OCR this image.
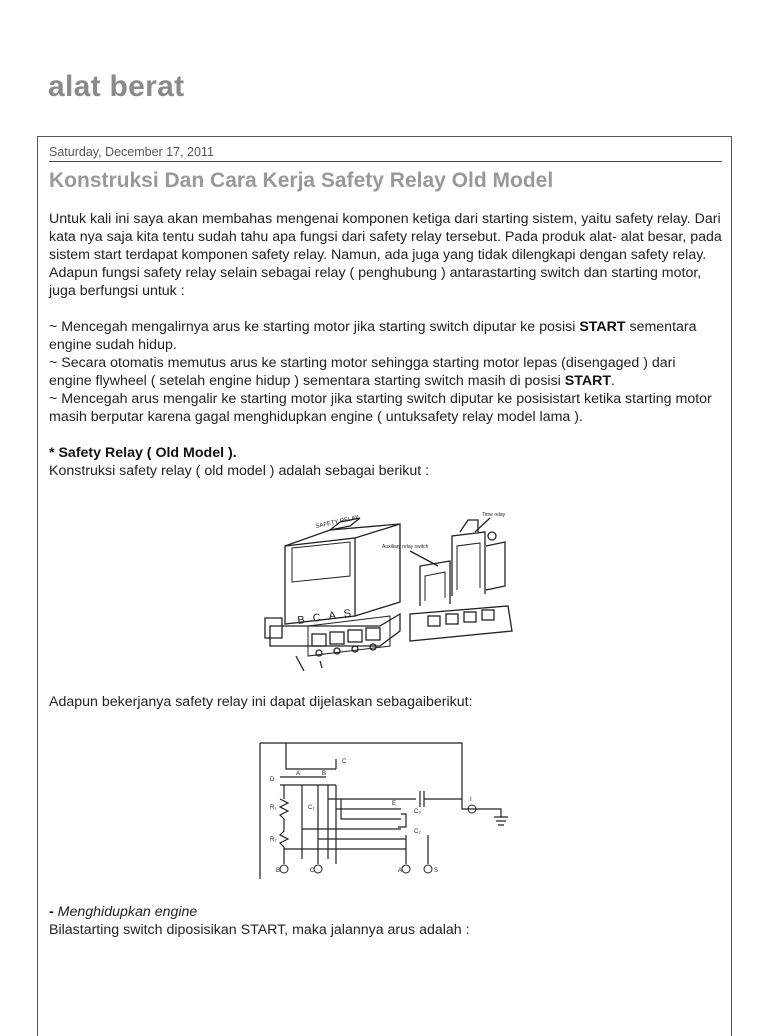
alat berat
Saturday, December 17, 2011
Konstruksi Dan Cara Kerja Safety Relay Old Model

Untuk kali ini saya akan membahas mengenai komponen ketiga dari starting sistem, yaitu safety relay. Dari kata nya saja kita tentu sudah tahu apa fungsi dari safety relay tersebut. Pada produk alat- alat besar, pada sistem start terdapat komponen safety relay. Namun, ada juga yang tidak dilengkapi dengan safety relay. Adapun fungsi safety relay selain sebagai relay ( penghubung ) antarastarting switch dan starting motor, juga berfungsi untuk :

~ Mencegah mengalirnya arus ke starting motor jika starting switch diputar ke posisi START sementara engine sudah hidup.

~ Secara otomatis memutus arus ke starting motor sehingga starting motor lepas (disengaged ) dari engine flywheel ( setelah engine hidup ) sementara starting switch masih di posisi START.

~ Mencegah arus mengalir ke starting motor jika starting switch diputar ke posisistart ketika starting motor masih berputar karena gagal menghidupkan engine ( untuksafety relay model lama ).

* Safety Relay ( Old Model ).

Konstruksi safety relay ( old model ) adalah sebagai berikut :

B C A S
SAFETY RELAY
Auxiliary relay switch
Time relay

Adapun bekerjanya safety relay ini dapat dijelaskan sebagaiberikut:

D
A	B
C
R₁
R₂
C₁
C₂
C₃
E
I
B	C	A	S

- Menghidupkan engine

Bilastarting switch diposisikan START, maka jalannya arus adalah :
